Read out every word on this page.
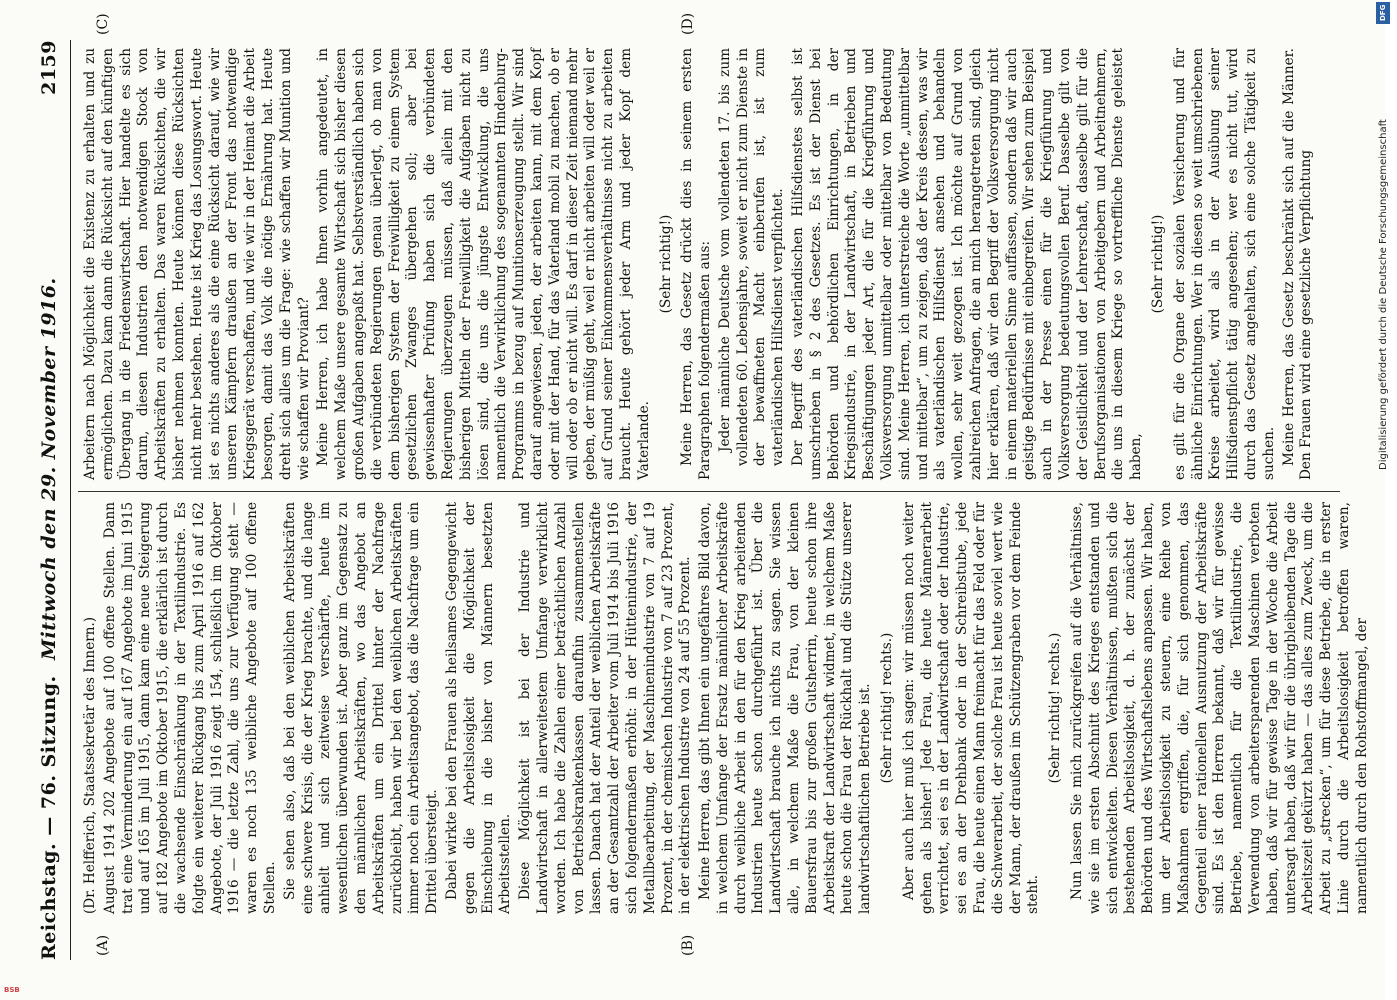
Reichstag. — 76. Sitzung.
Mittwoch den 29. November 1916.
2159
(A)	(B)
(C)	(D)

(Dr. Helfferich, Staatssekretär des Innern.) August 1914 202 Angebote auf 100 offene Stellen. Dann trat eine Verminderung ein auf 167 Angebote im Juni 1915 und auf 165 im Juli 1915, dann kam eine neue Steigerung auf 182 Angebote im Oktober 1915, die erklärlich ist durch die wachsende Einschränkung in der Textilindustrie. Es folgte ein weiterer Rückgang bis zum April 1916 auf 162 Angebote, der Juli 1916 zeigt 154, schließlich im Oktober 1916 — die letzte Zahl, die uns zur Verfügung steht — waren es noch 135 weibliche Angebote auf 100 offene Stellen. Sie sehen also, daß bei den weiblichen Arbeitskräften eine schwere Krisis, die der Krieg brachte, und die lange anhielt und sich zeitweise verschärfte, heute im wesentlichen überwunden ist. Aber ganz im Gegensatz zu den männlichen Arbeitskräften, wo das Angebot an Arbeitskräften um ein Drittel hinter der Nachfrage zurückbleibt, haben wir bei den weiblichen Arbeitskräften immer noch ein Arbeitsangebot, das die Nachfrage um ein Drittel übersteigt. Dabei wirkte bei den Frauen als heilsames Gegengewicht gegen die Arbeitslosigkeit die Möglichkeit der Einschiebung in die bisher von Männern besetzten Arbeitsstellen. Diese Möglichkeit ist bei der Industrie und Landwirtschaft in allerweitestem Umfange verwirklicht worden. Ich habe die Zahlen einer beträchtlichen Anzahl von Betriebskrankenkassen daraufhin zusammenstellen lassen. Danach hat der Anteil der weiblichen Arbeitskräfte an der Gesamtzahl der Arbeiter vom Juli 1914 bis Juli 1916 sich folgendermaßen erhöht: in der Hüttenindustrie, der Metallbearbeitung, der Maschinenindustrie von 7 auf 19 Prozent, in der chemischen Industrie von 7 auf 23 Prozent, in der elektrischen Industrie von 24 auf 55 Prozent. Meine Herren, das gibt Ihnen ein ungefähres Bild davon, in welchem Umfange der Ersatz männlicher Arbeitskräfte durch weibliche Arbeit in den für den Krieg arbeitenden Industrien heute schon durchgeführt ist. Über die Landwirtschaft brauche ich nichts zu sagen. Sie wissen alle, in welchem Maße die Frau, von der kleinen Bauersfrau bis zur großen Gutsherrin, heute schon ihre Arbeitskraft der Landwirtschaft widmet, in welchem Maße heute schon die Frau der Rückhalt und die Stütze unserer landwirtschaftlichen Betriebe ist. (Sehr richtig! rechts.) Aber auch hier muß ich sagen: wir müssen noch weiter gehen als bisher! Jede Frau, die heute Männerarbeit verrichtet, sei es in der Landwirtschaft oder der Industrie, sei es an der Drehbank oder in der Schreibstube, jede Frau, die heute einen Mann freimacht für das Feld oder für die Schwerarbeit, der solche Frau ist heute soviel wert wie der Mann, der draußen im Schützengraben vor dem Feinde steht.

(Sehr richtig! rechts.) Nun lassen Sie mich zurückgreifen auf die Verhältnisse, wie sie im ersten Abschnitt des Krieges entstanden und sich entwickelten. Diesen Verhältnissen, mußten sich die bestehenden Arbeitslosigkeit, d. h. der zunächst der Behörden und des Wirtschaftslebens anpassen. Wir haben, um der Arbeitslosigkeit zu steuern, eine Reihe von Maßnahmen ergriffen, die, für sich genommen, das Gegenteil einer rationellen Ausnutzung der Arbeitskräfte sind. Es ist den Herren bekannt, daß wir für gewisse Betriebe, namentlich für die Textilindustrie, die Verwendung von arbeitersparenden Maschinen verboten haben, daß wir für gewisse Tage in der Woche die Arbeit untersagt haben, daß wir für die übrigbleibenden Tage die Arbeitszeit gekürzt haben — das alles zum Zweck, um die Arbeit zu „strecken“, um für diese Betriebe, die in erster Linie durch die Arbeitslosigkeit betroffen waren, namentlich durch den Rohstoffmangel, der

Arbeitern nach Möglichkeit die Existenz zu erhalten und zu ermöglichen. Dazu kam dann die Rücksicht auf den künftigen Übergang in die Friedenswirtschaft. Hier handelte es sich darum, diesen Industrien den notwendigen Stock von Arbeitskräften zu erhalten. Das waren Rücksichten, die wir bisher nehmen konnten. Heute können diese Rücksichten nicht mehr bestehen. Heute ist Krieg das Losungswort. Heute ist es nichts anderes als die eine Rücksicht darauf, wie wir unseren Kämpfern draußen an der Front das notwendige Kriegsgerät verschaffen, und wie wir in der Heimat die Arbeit besorgen, damit das Volk die nötige Ernährung hat. Heute dreht sich alles um die Frage: wie schaffen wir Munition und wie schaffen wir Proviant? Meine Herren, ich habe Ihnen vorhin angedeutet, in welchem Maße unsere gesamte Wirtschaft sich bisher diesen großen Aufgaben angepaßt hat. Selbstverständlich haben sich die verbündeten Regierungen genau überlegt, ob man von dem bisherigen System der Freiwilligkeit zu einem System gesetzlichen Zwanges übergehen soll; aber bei gewissenhafter Prüfung haben sich die verbündeten Regierungen überzeugen müssen, daß allein mit den bisherigen Mitteln der Freiwilligkeit die Aufgaben nicht zu lösen sind, die uns die jüngste Entwicklung, die uns namentlich die Verwirklichung des sogenannten Hindenburg-Programms in bezug auf Munitionserzeugung stellt. Wir sind darauf angewiesen, jeden, der arbeiten kann, mit dem Kopf oder mit der Hand, für das Vaterland mobil zu machen, ob er will oder ob er nicht will. Es darf in dieser Zeit niemand mehr geben, der müßig geht, weil er nicht arbeiten will oder weil er auf Grund seiner Einkommensverhältnisse nicht zu arbeiten braucht. Heute gehört jeder Arm und jeder Kopf dem Vaterlande.

(Sehr richtig!) Meine Herren, das Gesetz drückt dies in seinem ersten Paragraphen folgendermaßen aus: Jeder männliche Deutsche vom vollendeten 17. bis zum vollendeten 60. Lebensjahre, soweit er nicht zum Dienste in der bewaffneten Macht einberufen ist, ist zum vaterländischen Hilfsdienst verpflichtet. Der Begriff des vaterländischen Hilfsdienstes selbst ist umschrieben in § 2 des Gesetzes. Es ist der Dienst bei Behörden und behördlichen Einrichtungen, in der Kriegsindustrie, in der Landwirtschaft, in Betrieben und Beschäftigungen jeder Art, die für die Kriegführung und Volksversorgung unmittelbar oder mittelbar von Bedeutung sind. Meine Herren, ich unterstreiche die Worte „unmittelbar und mittelbar“, um zu zeigen, daß der Kreis dessen, was wir als vaterländischen Hilfsdienst ansehen und behandeln wollen, sehr weit gezogen ist. Ich möchte auf Grund von zahlreichen Anfragen, die an mich herangetreten sind, gleich hier erklären, daß wir den Begriff der Volksversorgung nicht in einem materiellen Sinne auffassen, sondern daß wir auch geistige Bedürfnisse mit einbegreifen. Wir sehen zum Beispiel auch in der Presse einen für die Kriegführung und Volksversorgung bedeutungsvollen Beruf. Dasselbe gilt von der Geistlichkeit und der Lehrerschaft, dasselbe gilt für die Berufsorganisationen von Arbeitgebern und Arbeitnehmern, die uns in diesem Kriege so vortreffliche Dienste geleistet haben,

(Sehr richtig!) es gilt für die Organe der sozialen Versicherung und für ähnliche Einrichtungen. Wer in diesen so weit umschriebenen Kreise arbeitet, wird als in der Ausübung seiner Hilfsdienstpflicht tätig angesehen; wer es nicht tut, wird durch das Gesetz angehalten, sich eine solche Tätigkeit zu suchen. Meine Herren, das Gesetz beschränkt sich auf die Männer. Den Frauen wird eine gesetzliche Verpflichtung

BSB
DFG
Digitalisierung gefördert durch die Deutsche Forschungsgemeinschaft
